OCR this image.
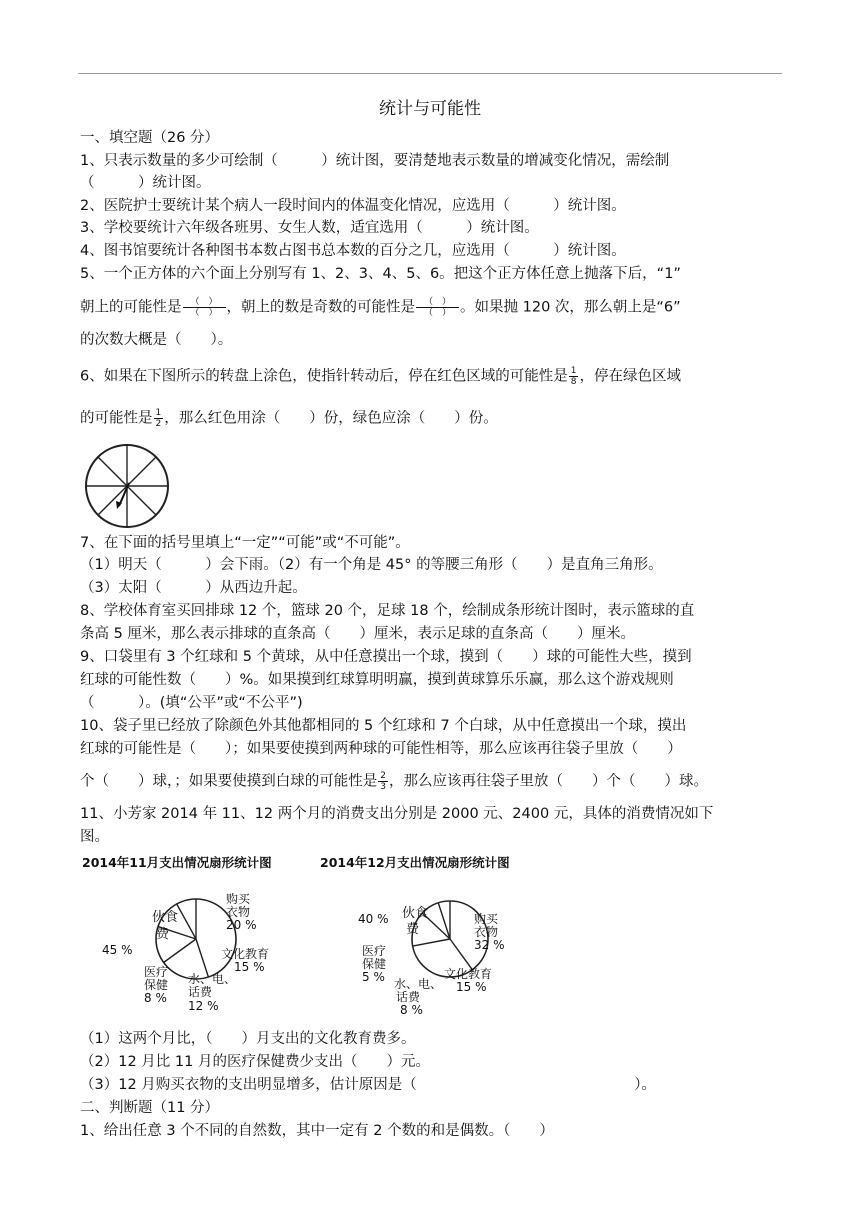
统计与可能性
一、填空题（26 分）
1、只表示数量的多少可绘制（　　　）统计图，要清楚地表示数量的增减变化情况，需绘制
（　　　）统计图。
2、医院护士要统计某个病人一段时间内的体温变化情况，应选用（　　　）统计图。
3、学校要统计六年级各班男、女生人数，适宜选用（　　　）统计图。
4、图书馆要统计各种图书本数占图书总本数的百分之几，应选用（　　　）统计图。
5、一个正方体的六个面上分别写有 1、2、3、4、5、6。把这个正方体任意上抛落下后，“1”
朝上的可能性是 $\frac{( )}{( )}$ ，朝上的数是奇数的可能性是 $\frac{( )}{( )}$ 。如果抛 120 次，那么朝上是“6”
的次数大概是（　　）。
6、如果在下图所示的转盘上涂色，使指针转动后，停在红色区域的可能性是 $\frac{1}{8}$ ，停在绿色区域
的可能性是 $\frac{1}{2}$ ，那么红色用涂（　　）份，绿色应涂（　　）份。
7、在下面的括号里填上“一定”“可能”或“不可能”。
（1）明天（　　　）会下雨。（2）有一个角是 45° 的等腰三角形（　　）是直角三角形。
（3）太阳（　　　）从西边升起。
8、学校体育室买回排球 12 个，篮球 20 个，足球 18 个，绘制成条形统计图时，表示篮球的直
条高 5 厘米，那么表示排球的直条高（　　）厘米，表示足球的直条高（　　）厘米。
9、口袋里有 3 个红球和 5 个黄球，从中任意摸出一个球，摸到（　　）球的可能性大些，摸到
红球的可能性数（　　）%。如果摸到红球算明明赢，摸到黄球算乐乐赢，那么这个游戏规则
（　　　）。(填“公平”或“不公平”)
10、袋子里已经放了除颜色外其他都相同的 5 个红球和 7 个白球，从中任意摸出一个球，摸出
红球的可能性是（　　）；如果要使摸到两种球的可能性相等，那么应该再往袋子里放（　　）
个（　　）球，；如果要使摸到白球的可能性是 $\frac{2}{3}$ ，那么应该再往袋子里放（　　）个（　　）球。
11、小芳家 2014 年 11、12 两个月的消费支出分别是 2000 元、2400 元，具体的消费情况如下
图。
2014年11月支出情况扇形统计图	2014年12月支出情况扇形统计图
伙食
费
45 %
购买
衣物
20 %
文化教育
15 %
水、电、
话费
12 %
医疗
保健
8 %
伙食
费
40 %	购买
衣物
32 %
文化教育
15 %
医疗
保健
5 % 水、电、
话费
8 %
（1）这两个月比，（　　）月支出的文化教育费多。
（2）12 月比 11 月的医疗保健费少支出（　　）元。
（3）12 月购买衣物的支出明显增多，估计原因是（　　　　　　　　　　　　　　　）。
二、判断题（11 分）
1、给出任意 3 个不同的自然数，其中一定有 2 个数的和是偶数。（　　）
